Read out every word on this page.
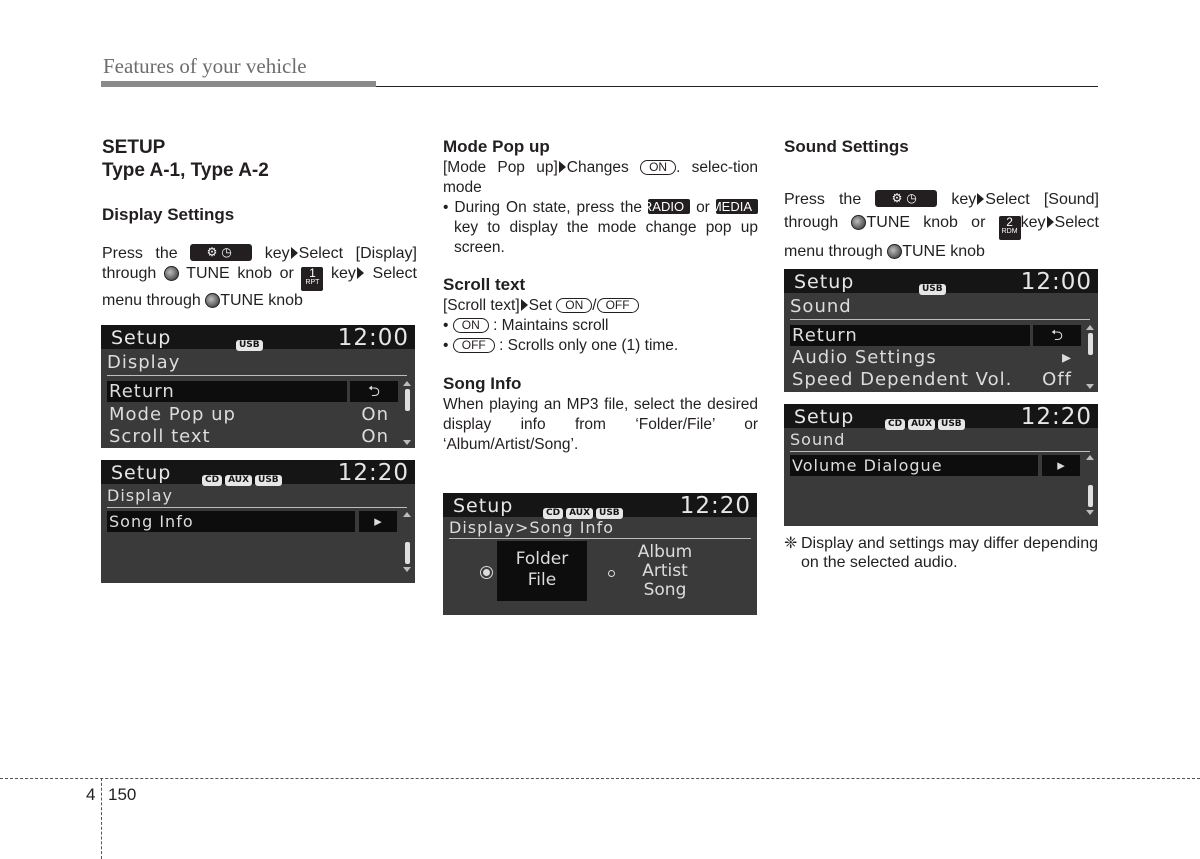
Features of your vehicle
SETUP
Type A-1, Type A-2
Display Settings

Press the ⚙◷ key Select [Display] through TUNE knob or 1
RPT
key Select menu through TUNE knob

Setup	USB	12:00
Display
Return	⮌
Mode Pop up	On
Scroll text	On
Setup	CD AUX USB	12:20
Display
Song Info	▸
Mode Pop up

[Mode Pop up] Changes ON . selec-tion mode

• During On state, press the RADIO or MEDIA key to display the mode change pop up screen.

Scroll text

[Scroll text] Set ON / OFF

• ON : Maintains scroll

• OFF : Scrolls only one (1) time.

Song Info

When playing an MP3 file, select the desired display info from ‘Folder/File’ or ‘Album/Artist/Song’.

Setup	CD AUX USB	12:20
Display>Song Info
Folder
File
Album
Artist
Song
Sound Settings

Press the	⚙◷ key Select [Sound] through TUNE knob or 2
RDM
key Select menu through TUNE knob

Setup	USB	12:00
Sound
Return	⮌
Audio Settings	▸
Speed Dependent Vol. Off
Setup	CD AUX USB	12:20
Sound
Volume Dialogue	▸
❈ Display and settings may differ depending on the selected audio.

4 150
